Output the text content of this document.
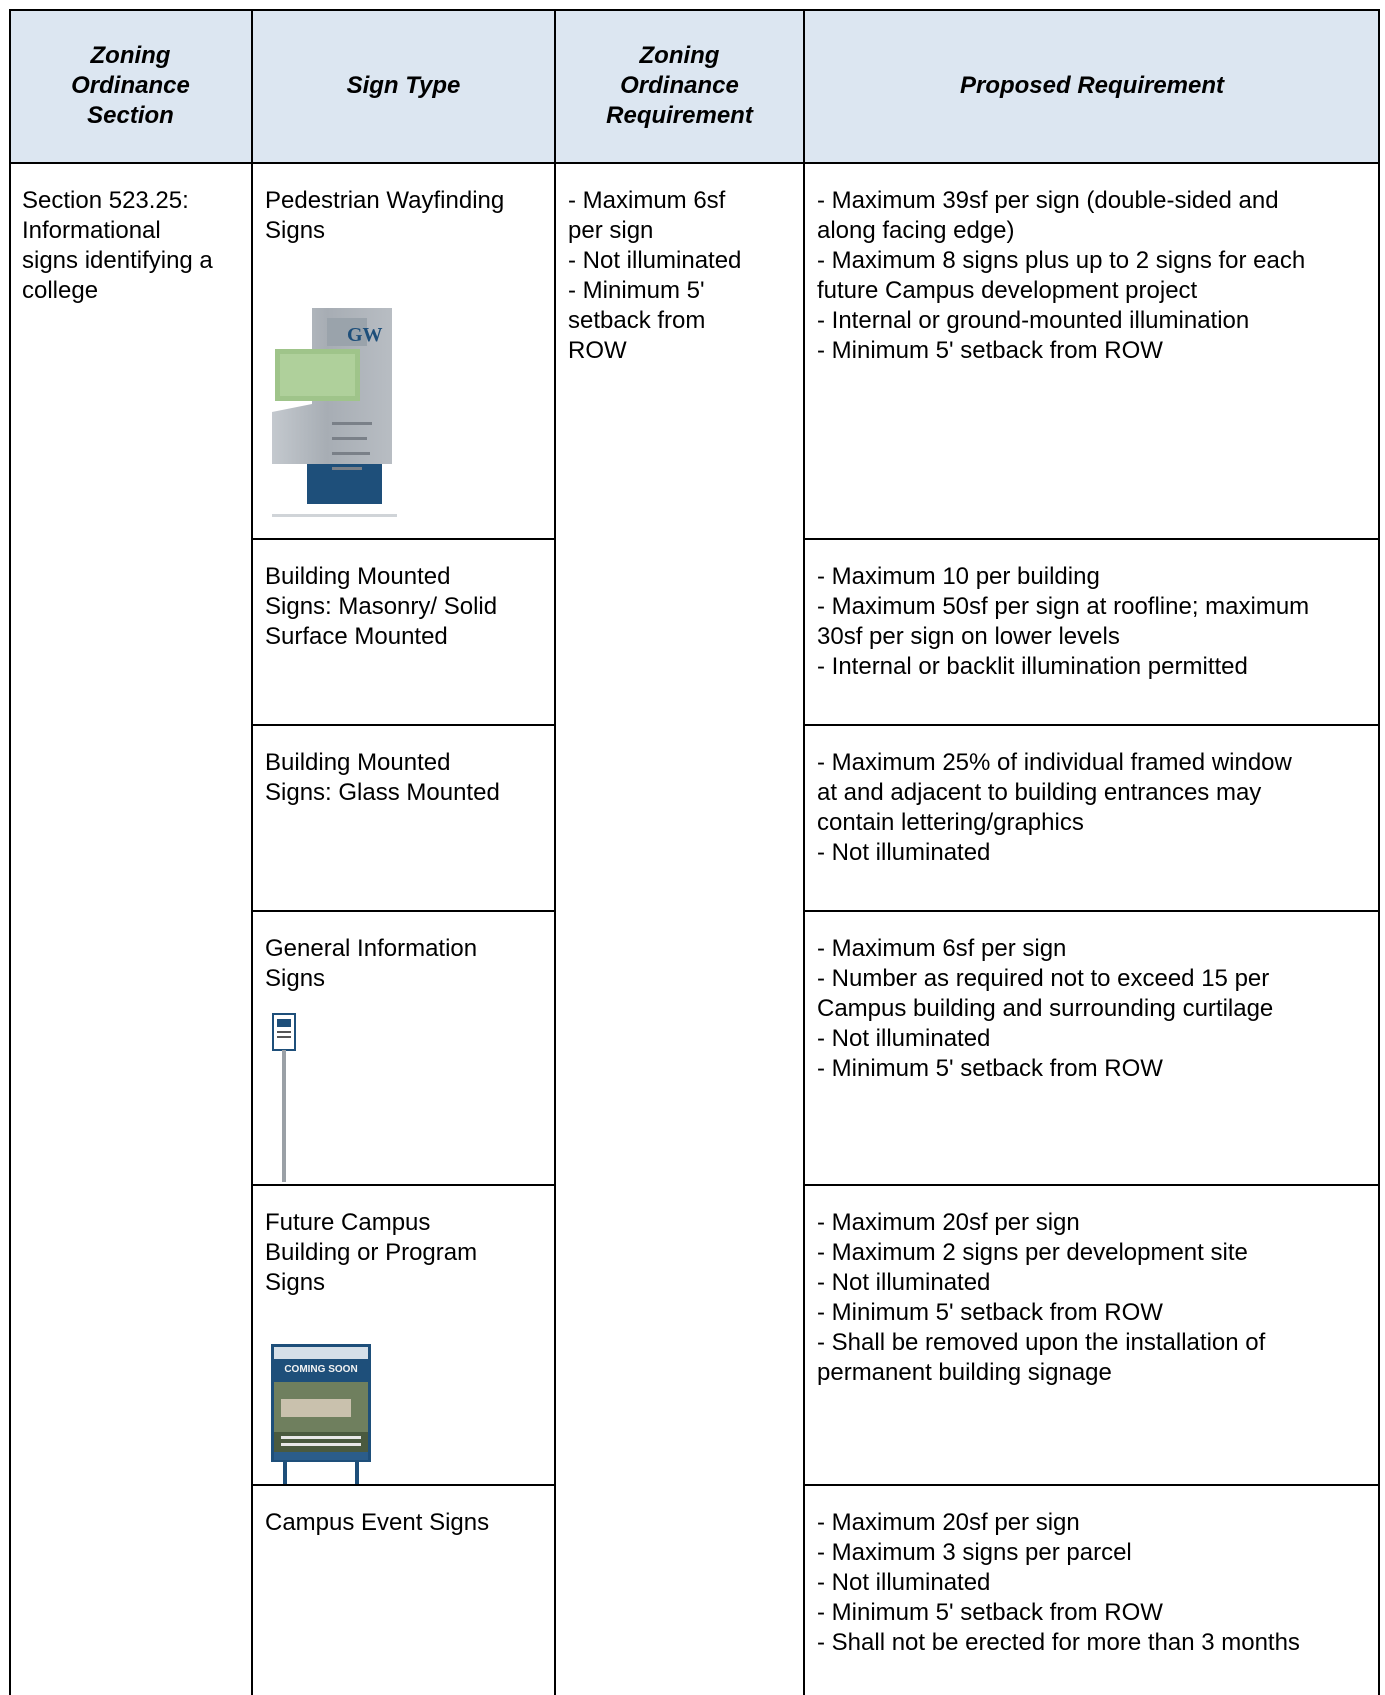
Zoning
Ordinance
Section
Sign Type
Zoning
Ordinance
Requirement
Proposed Requirement
Section 523.25:
Informational
signs identifying a
college
- Maximum 6sf
per sign
- Not illuminated
- Minimum 5'
setback from
ROW
Pedestrian Wayfinding
Signs
- Maximum 39sf per sign (double-sided and
along facing edge)
- Maximum 8 signs plus up to 2 signs for each
future Campus development project
- Internal or ground-mounted illumination
- Minimum 5' setback from ROW
Building Mounted
Signs: Masonry/ Solid
Surface Mounted
- Maximum 10 per building
- Maximum 50sf per sign at roofline; maximum
30sf per sign on lower levels
- Internal or backlit illumination permitted
Building Mounted
Signs: Glass Mounted
- Maximum 25% of individual framed window
at and adjacent to building entrances may
contain lettering/graphics
- Not illuminated
General Information
Signs
- Maximum 6sf per sign
- Number as required not to exceed 15 per
Campus building and surrounding curtilage
- Not illuminated
- Minimum 5' setback from ROW
Future Campus
Building or Program
Signs
- Maximum 20sf per sign
- Maximum 2 signs per development site
- Not illuminated
- Minimum 5' setback from ROW
- Shall be removed upon the installation of
permanent building signage
Campus Event Signs	- Maximum 20sf per sign
- Maximum 3 signs per parcel
- Not illuminated
- Minimum 5' setback from ROW
- Shall not be erected for more than 3 months
GW
COMING SOON
